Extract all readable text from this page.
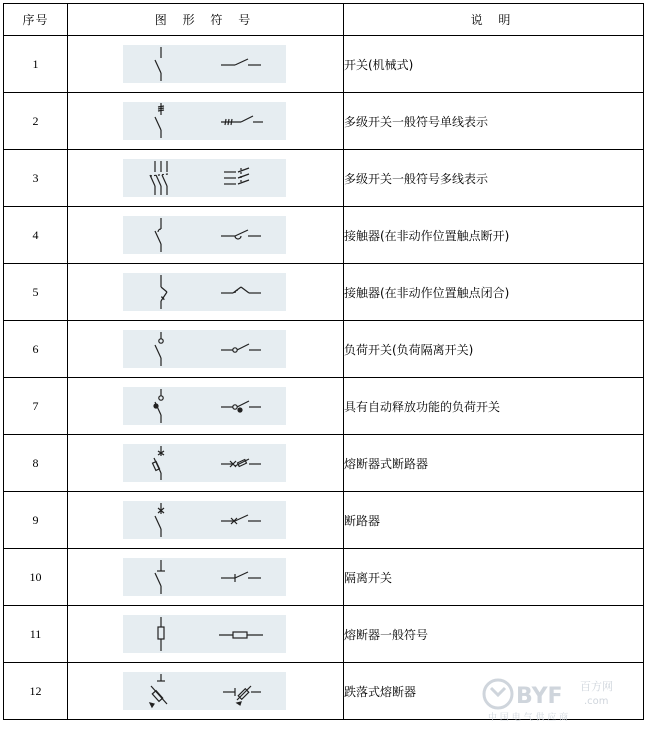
序号	图 形 符 号	说 明
1		开关(机械式)
2		多级开关一般符号单线表示
3		多级开关一般符号多线表示
4		接触器(在非动作位置触点断开)
5		接触器(在非动作位置触点闭合)
6		负荷开关(负荷隔离开关)
7		具有自动释放功能的负荷开关
8		熔断器式断路器
9		断路器
10		隔离开关
11		熔断器一般符号
12		跌落式熔断器	BYF 百方网
.com
中 国 电 气 供 应 商
